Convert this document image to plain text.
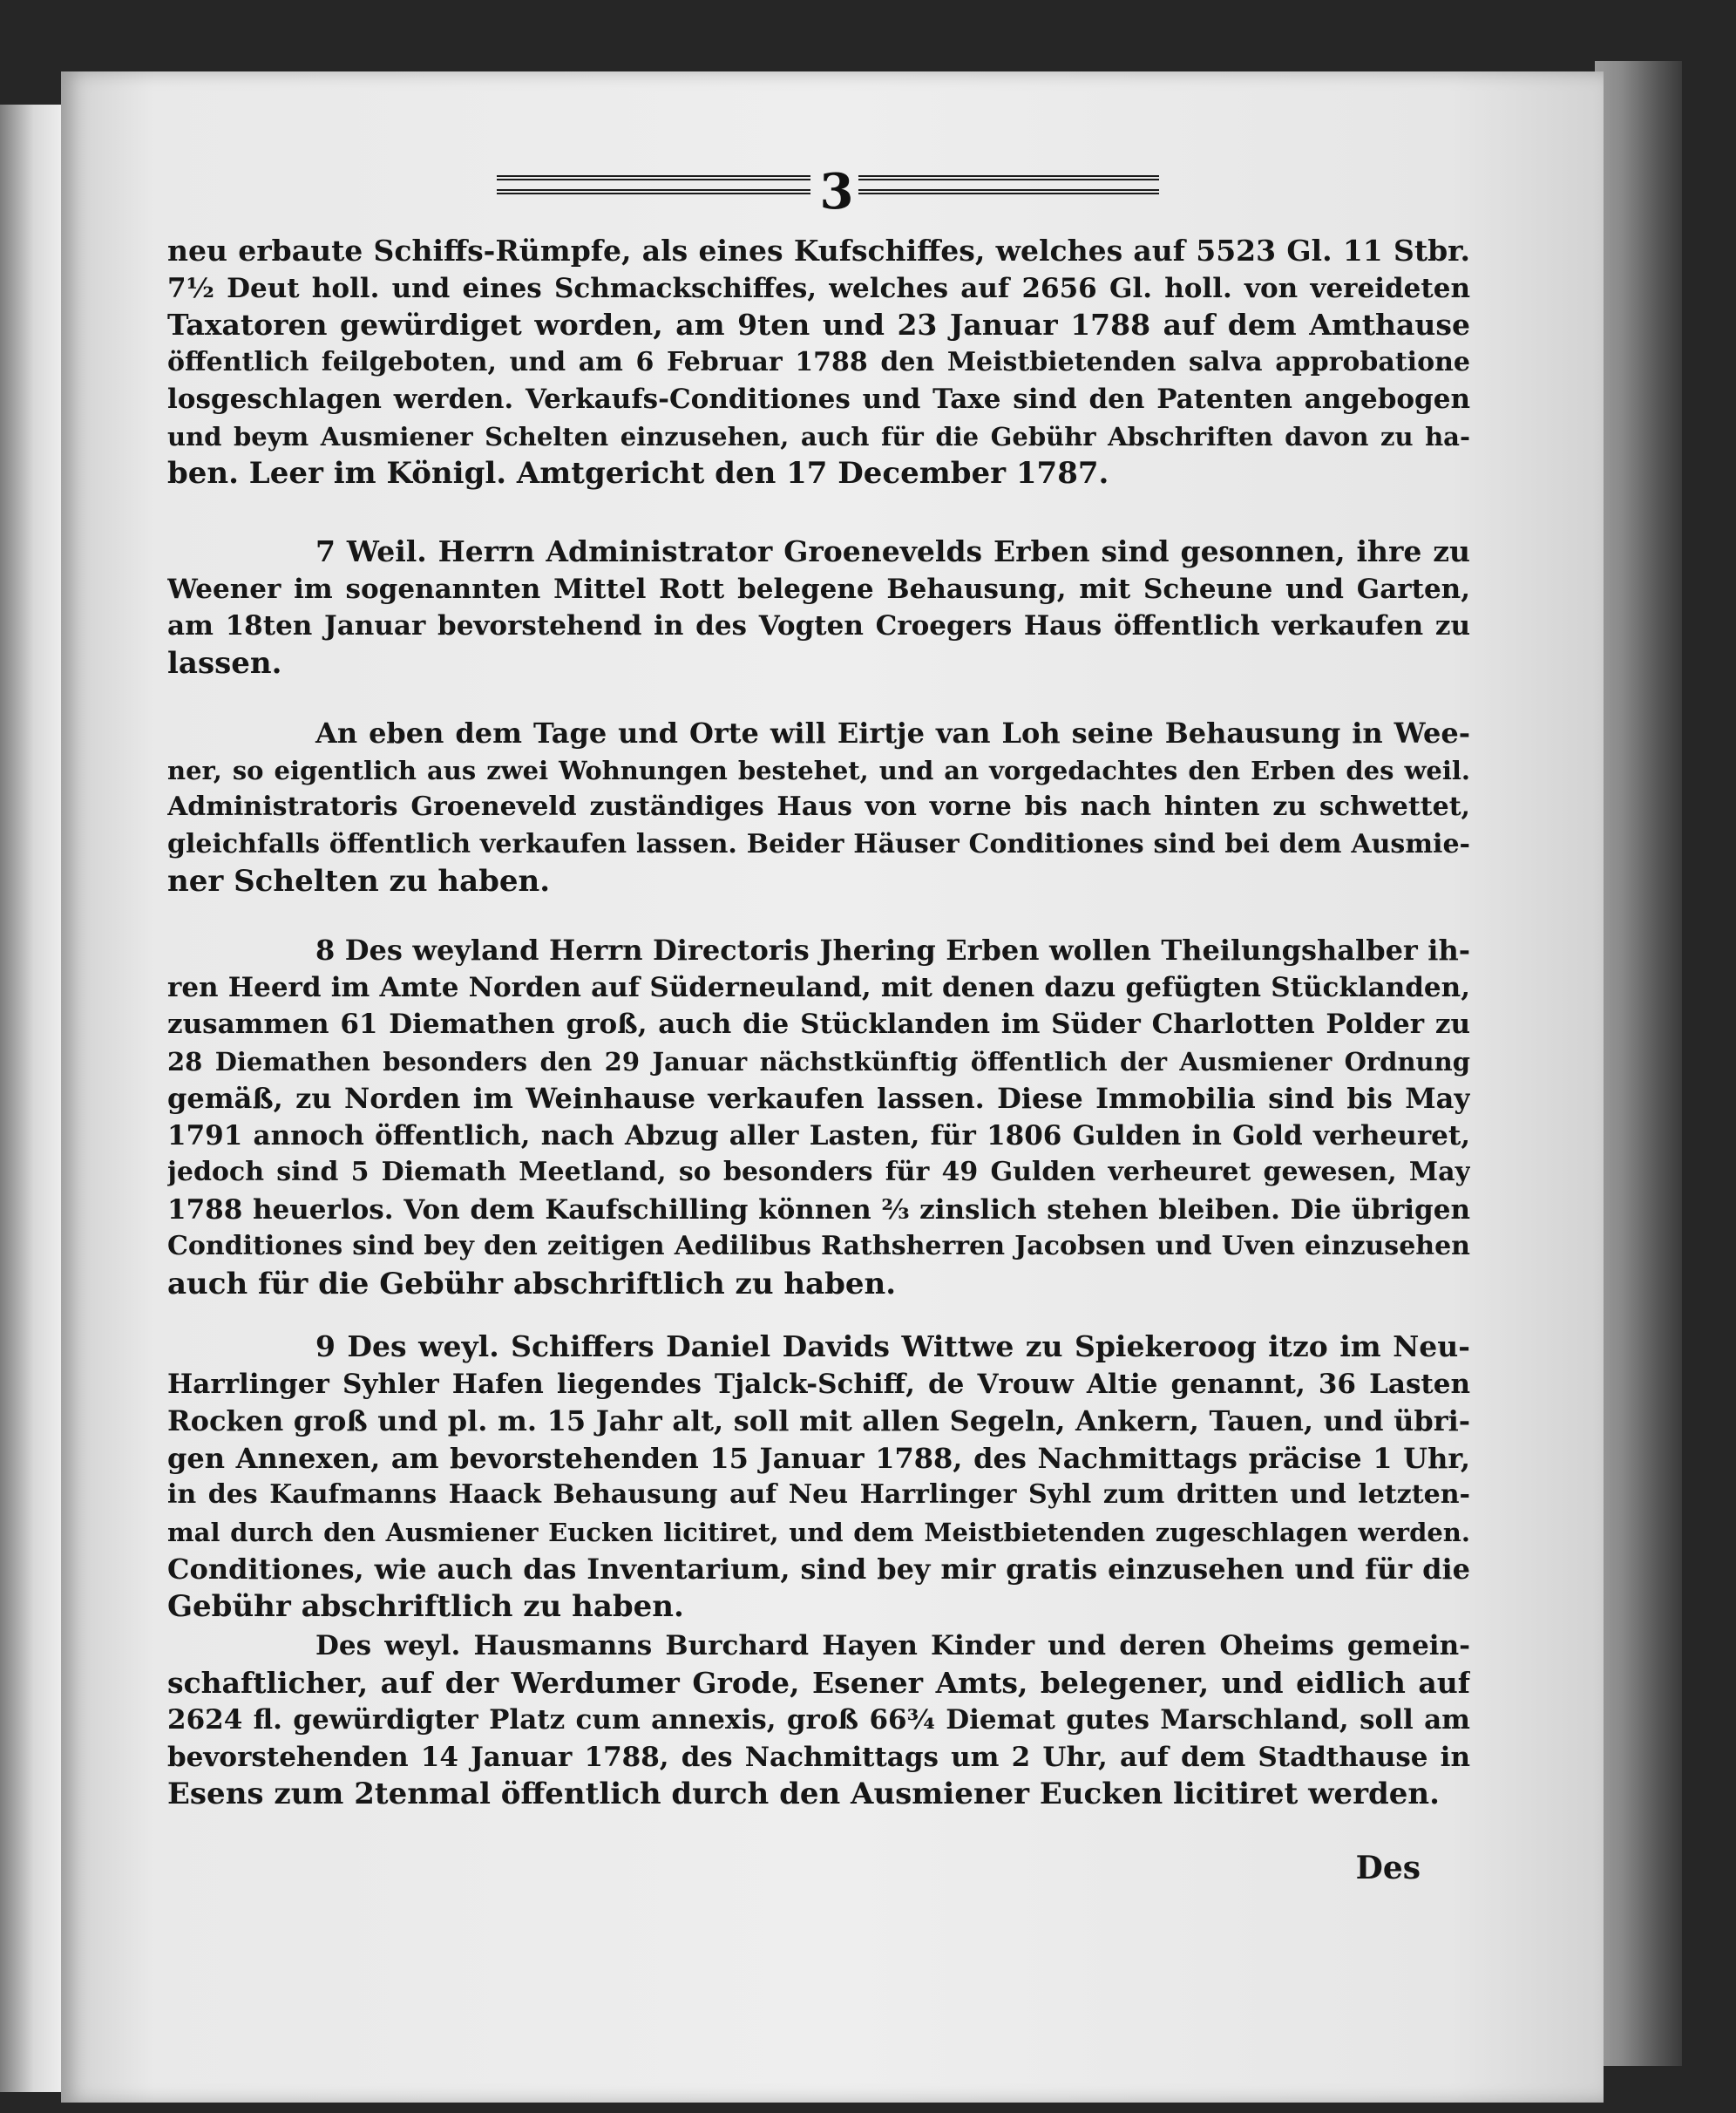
3
neu erbaute Schiffs-Rümpfe, als eines Kufschiffes, welches auf 5523 Gl. 11 Stbr.
7½ Deut holl. und eines Schmackschiffes, welches auf 2656 Gl. holl. von vereideten
Taxatoren gewürdiget worden, am 9ten und 23 Januar 1788 auf dem Amthause
öffentlich feilgeboten, und am 6 Februar 1788 den Meistbietenden salva approbatione
losgeschlagen werden. Verkaufs-Conditiones und Taxe sind den Patenten angebogen
und beym Ausmiener Schelten einzusehen, auch für die Gebühr Abschriften davon zu ha-
ben. Leer im Königl. Amtgericht den 17 December 1787.
7 Weil. Herrn Administrator Groenevelds Erben sind gesonnen, ihre zu
Weener im sogenannten Mittel Rott belegene Behausung, mit Scheune und Garten,
am 18ten Januar bevorstehend in des Vogten Croegers Haus öffentlich verkaufen zu
lassen.
An eben dem Tage und Orte will Eirtje van Loh seine Behausung in Wee-
ner, so eigentlich aus zwei Wohnungen bestehet, und an vorgedachtes den Erben des weil.
Administratoris Groeneveld zuständiges Haus von vorne bis nach hinten zu schwettet,
gleichfalls öffentlich verkaufen lassen. Beider Häuser Conditiones sind bei dem Ausmie-
ner Schelten zu haben.
8 Des weyland Herrn Directoris Jhering Erben wollen Theilungshalber ih-
ren Heerd im Amte Norden auf Süderneuland, mit denen dazu gefügten Stücklanden,
zusammen 61 Diemathen groß, auch die Stücklanden im Süder Charlotten Polder zu
28 Diemathen besonders den 29 Januar nächstkünftig öffentlich der Ausmiener Ordnung
gemäß, zu Norden im Weinhause verkaufen lassen. Diese Immobilia sind bis May
1791 annoch öffentlich, nach Abzug aller Lasten, für 1806 Gulden in Gold verheuret,
jedoch sind 5 Diemath Meetland, so besonders für 49 Gulden verheuret gewesen, May
1788 heuerlos. Von dem Kaufschilling können ⅔ zinslich stehen bleiben. Die übrigen
Conditiones sind bey den zeitigen Aedilibus Rathsherren Jacobsen und Uven einzusehen
auch für die Gebühr abschriftlich zu haben.
9 Des weyl. Schiffers Daniel Davids Wittwe zu Spiekeroog itzo im Neu-
Harrlinger Syhler Hafen liegendes Tjalck-Schiff, de Vrouw Altie genannt, 36 Lasten
Rocken groß und pl. m. 15 Jahr alt, soll mit allen Segeln, Ankern, Tauen, und übri-
gen Annexen, am bevorstehenden 15 Januar 1788, des Nachmittags präcise 1 Uhr,
in des Kaufmanns Haack Behausung auf Neu Harrlinger Syhl zum dritten und letzten-
mal durch den Ausmiener Eucken licitiret, und dem Meistbietenden zugeschlagen werden.
Conditiones, wie auch das Inventarium, sind bey mir gratis einzusehen und für die
Gebühr abschriftlich zu haben.
Des weyl. Hausmanns Burchard Hayen Kinder und deren Oheims gemein-
schaftlicher, auf der Werdumer Grode, Esener Amts, belegener, und eidlich auf
2624 fl. gewürdigter Platz cum annexis, groß 66¾ Diemat gutes Marschland, soll am
bevorstehenden 14 Januar 1788, des Nachmittags um 2 Uhr, auf dem Stadthause in
Esens zum 2tenmal öffentlich durch den Ausmiener Eucken licitiret werden.
Des
